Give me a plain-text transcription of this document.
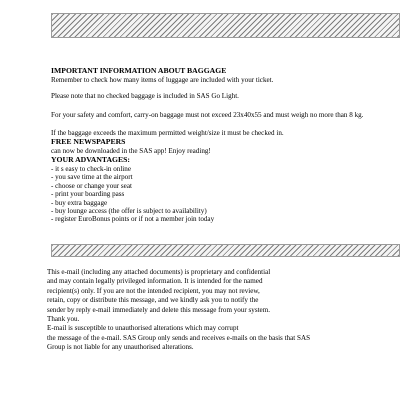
IMPORTANT INFORMATION ABOUT BAGGAGE
Remember to check how many items of luggage are included with your ticket.
Please note that no checked baggage is included in SAS Go Light.
For your safety and comfort, carry-on baggage must not exceed 23x40x55 and must weigh no more than 8 kg.
If the baggage exceeds the maximum permitted weight/size it must be checked in.
FREE NEWSPAPERS
can now be downloaded in the SAS app! Enjoy reading!
YOUR ADVANTAGES:
- it s easy to check-in online
- you save time at the airport
- choose or change your seat
- print your boarding pass
- buy extra baggage
- buy lounge access (the offer is subject to availability)
- register EuroBonus points or if not a member join today
This e-mail (including any attached documents) is proprietary and confidential
and may contain legally privileged information. It is intended for the named
recipient(s) only. If you are not the intended recipient, you may not review,
retain, copy or distribute this message, and we kindly ask you to notify the
sender by reply e-mail immediately and delete this message from your system.
Thank you.
E-mail is susceptible to unauthorised alterations which may corrupt
the message of the e-mail. SAS Group only sends and receives e-mails on the basis that SAS
Group is not liable for any unauthorised alterations.
